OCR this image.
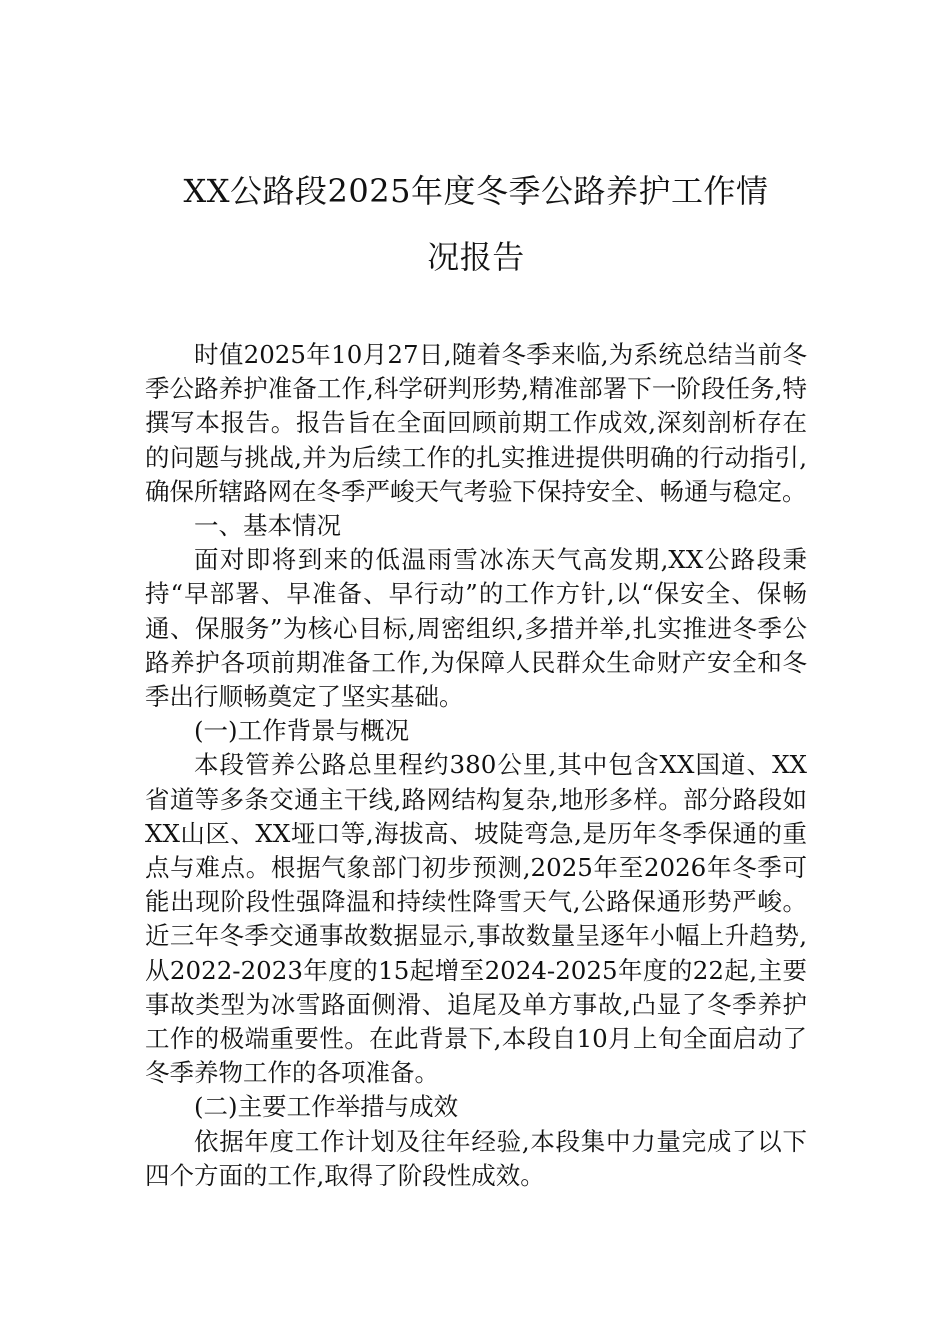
XX公路段2025年度冬季公路养护工作情
况报告

时值2025年10月27日,随着冬季来临,为系统总结当前冬季公路养护准备工作,科学研判形势,精准部署下一阶段任务,特撰写本报告。报告旨在全面回顾前期工作成效,深刻剖析存在的问题与挑战,并为后续工作的扎实推进提供明确的行动指引,确保所辖路网在冬季严峻天气考验下保持安全、畅通与稳定。

一、基本情况

面对即将到来的低温雨雪冰冻天气高发期,XX公路段秉持“早部署、早准备、早行动”的工作方针,以“保安全、保畅通、保服务”为核心目标,周密组织,多措并举,扎实推进冬季公路养护各项前期准备工作,为保障人民群众生命财产安全和冬季出行顺畅奠定了坚实基础。

(一)工作背景与概况

本段管养公路总里程约380公里,其中包含XX国道、XX省道等多条交通主干线,路网结构复杂,地形多样。部分路段如XX山区、XX垭口等,海拔高、坡陡弯急,是历年冬季保通的重点与难点。根据气象部门初步预测,2025年至2026年冬季可能出现阶段性强降温和持续性降雪天气,公路保通形势严峻。近三年冬季交通事故数据显示,事故数量呈逐年小幅上升趋势,从2022-2023年度的15起增至2024-2025年度的22起,主要事故类型为冰雪路面侧滑、追尾及单方事故,凸显了冬季养护工作的极端重要性。在此背景下,本段自10月上旬全面启动了冬季养物工作的各项准备。

(二)主要工作举措与成效

依据年度工作计划及往年经验,本段集中力量完成了以下四个方面的工作,取得了阶段性成效。
